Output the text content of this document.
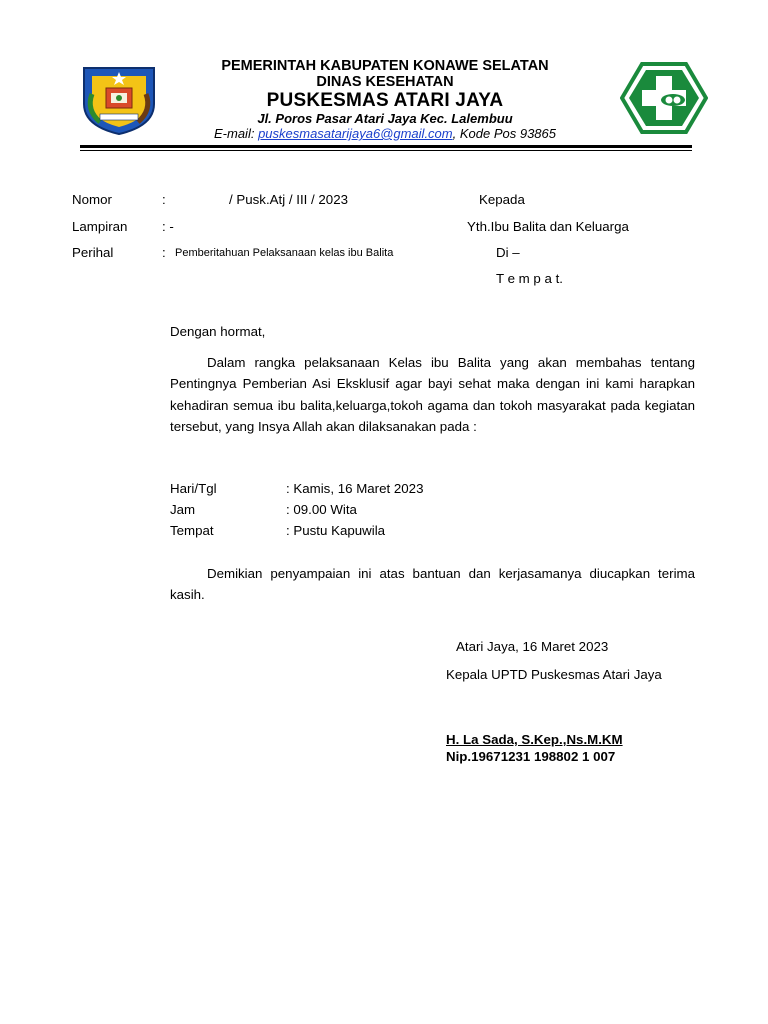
PEMERINTAH KABUPATEN KONAWE SELATAN
DINAS KESEHATAN
PUSKESMAS ATARI JAYA
Jl. Poros Pasar Atari Jaya Kec. Lalembuu
E-mail: puskesmasatarijaya6@gmail.com, Kode Pos 93865
Nomor	:	/ Pusk.Atj / III / 2023
Lampiran	: -
Perihal	: Pemberitahuan Pelaksanaan kelas ibu Balita
Kepada
Yth.Ibu Balita dan Keluarga
Di –
T e m p a t.
Dengan hormat,
Dalam rangka pelaksanaan Kelas ibu Balita yang akan membahas tentang Pentingnya Pemberian Asi Eksklusif agar bayi sehat maka dengan ini kami harapkan kehadiran semua ibu balita,keluarga,tokoh agama dan tokoh masyarakat pada kegiatan tersebut, yang Insya Allah akan dilaksanakan pada :
Hari/Tgl	: Kamis, 16 Maret 2023
Jam	: 09.00 Wita
Tempat	: Pustu Kapuwila
Demikian penyampaian ini atas bantuan dan kerjasamanya diucapkan terima kasih.
Atari Jaya, 16 Maret 2023
Kepala UPTD Puskesmas Atari Jaya
H. La Sada, S.Kep.,Ns.M.KM
Nip.19671231 198802 1 007
